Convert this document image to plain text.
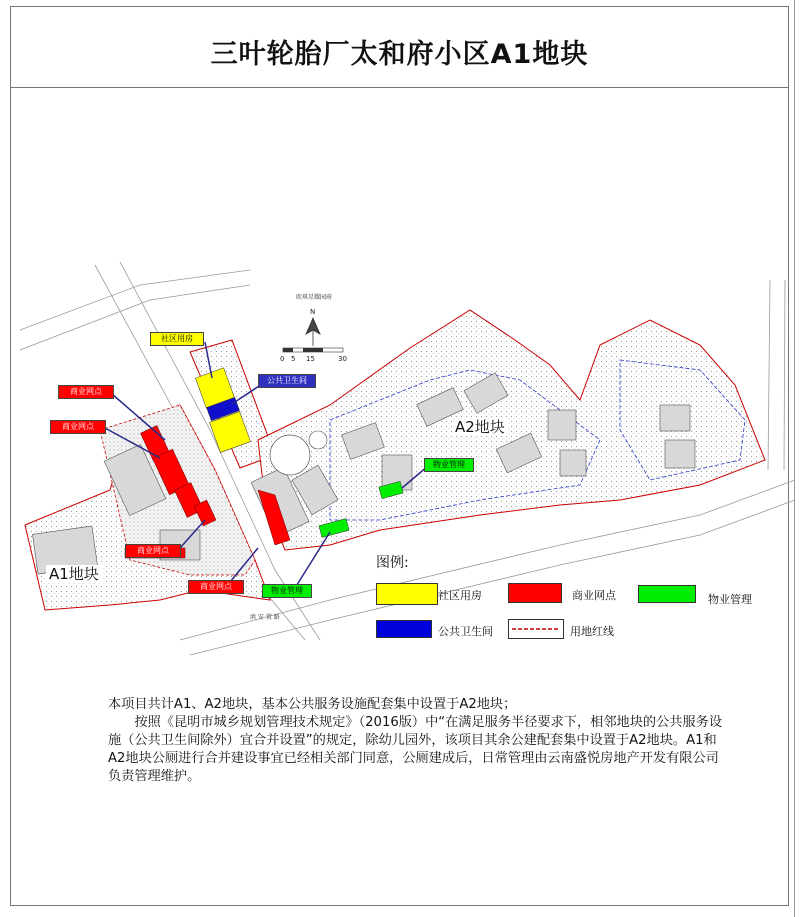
三叶轮胎厂太和府小区A1地块
欧琪星耀园府
N
0 5 15	30
滇 安 置 路
社区用房
公共卫生间
商业网点
商业网点
商业网点
商业网点
物业管理
物业管理
A1地块
A2地块
图例:
社区用房	商业网点	物业管理
公共卫生间	用地红线

本项目共计A1、A2地块，基本公共服务设施配套集中设置于A2地块；

按照《昆明市城乡规划管理技术规定》（2016版）中“在满足服务半径要求下，相邻地块的公共服务设施（公共卫生间除外）宜合并设置”的规定，除幼儿园外，该项目其余公建配套集中设置于A2地块。A1和A2地块公厕进行合并建设事宜已经相关部门同意，公厕建成后，日常管理由云南盛悦房地产开发有限公司负责管理维护。
